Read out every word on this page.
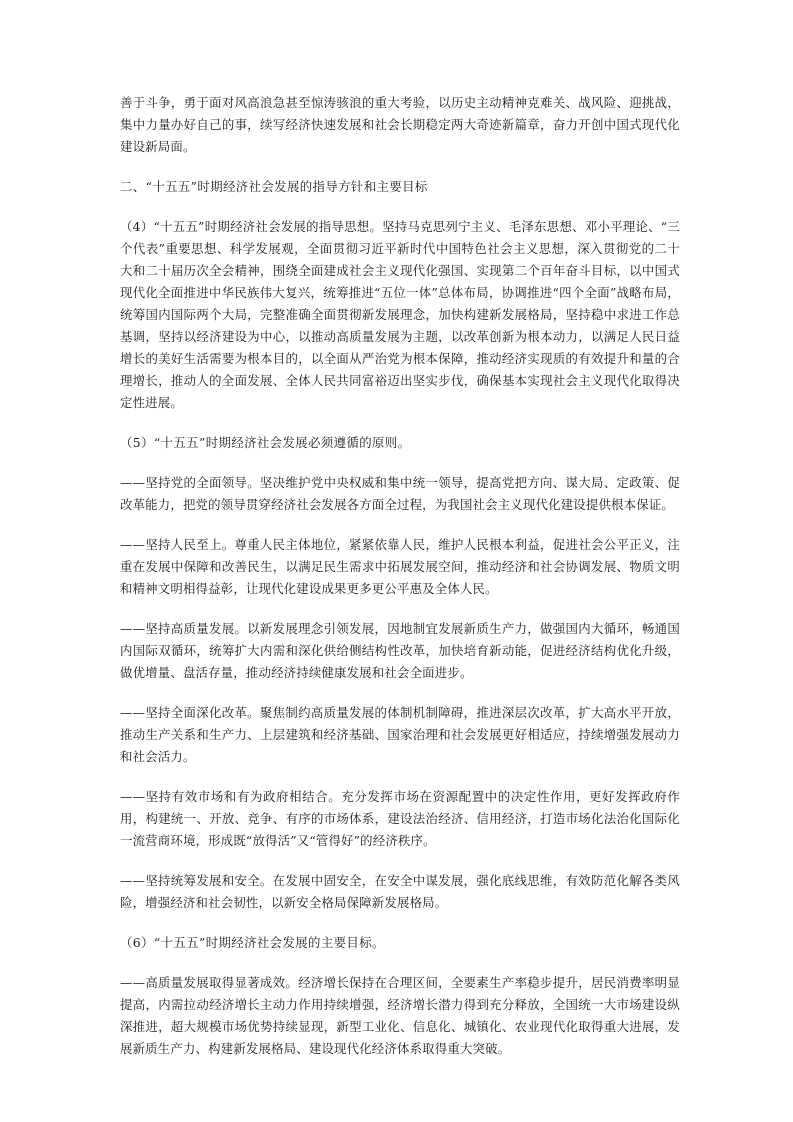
善于斗争，勇于面对风高浪急甚至惊涛骇浪的重大考验，以历史主动精神克难关、战风险、迎挑战，集中力量办好自己的事，续写经济快速发展和社会长期稳定两大奇迹新篇章，奋力开创中国式现代化建设新局面。

二、“十五五”时期经济社会发展的指导方针和主要目标

（4）“十五五”时期经济社会发展的指导思想。坚持马克思列宁主义、毛泽东思想、邓小平理论、“三个代表”重要思想、科学发展观，全面贯彻习近平新时代中国特色社会主义思想，深入贯彻党的二十大和二十届历次全会精神，围绕全面建成社会主义现代化强国、实现第二个百年奋斗目标，以中国式现代化全面推进中华民族伟大复兴，统筹推进“五位一体”总体布局，协调推进“四个全面”战略布局，统筹国内国际两个大局，完整准确全面贯彻新发展理念，加快构建新发展格局，坚持稳中求进工作总基调，坚持以经济建设为中心，以推动高质量发展为主题，以改革创新为根本动力，以满足人民日益增长的美好生活需要为根本目的，以全面从严治党为根本保障，推动经济实现质的有效提升和量的合理增长，推动人的全面发展、全体人民共同富裕迈出坚实步伐，确保基本实现社会主义现代化取得决定性进展。

（5）“十五五”时期经济社会发展必须遵循的原则。

——坚持党的全面领导。坚决维护党中央权威和集中统一领导，提高党把方向、谋大局、定政策、促改革能力，把党的领导贯穿经济社会发展各方面全过程，为我国社会主义现代化建设提供根本保证。

——坚持人民至上。尊重人民主体地位，紧紧依靠人民，维护人民根本利益，促进社会公平正义，注重在发展中保障和改善民生，以满足民生需求中拓展发展空间，推动经济和社会协调发展、物质文明和精神文明相得益彰，让现代化建设成果更多更公平惠及全体人民。

——坚持高质量发展。以新发展理念引领发展，因地制宜发展新质生产力，做强国内大循环，畅通国内国际双循环，统筹扩大内需和深化供给侧结构性改革，加快培育新动能，促进经济结构优化升级，做优增量、盘活存量，推动经济持续健康发展和社会全面进步。

——坚持全面深化改革。聚焦制约高质量发展的体制机制障碍，推进深层次改革，扩大高水平开放，推动生产关系和生产力、上层建筑和经济基础、国家治理和社会发展更好相适应，持续增强发展动力和社会活力。

——坚持有效市场和有为政府相结合。充分发挥市场在资源配置中的决定性作用，更好发挥政府作用，构建统一、开放、竞争、有序的市场体系，建设法治经济、信用经济，打造市场化法治化国际化一流营商环境，形成既“放得活”又“管得好”的经济秩序。

——坚持统筹发展和安全。在发展中固安全，在安全中谋发展，强化底线思维，有效防范化解各类风险，增强经济和社会韧性，以新安全格局保障新发展格局。

（6）“十五五”时期经济社会发展的主要目标。

——高质量发展取得显著成效。经济增长保持在合理区间，全要素生产率稳步提升，居民消费率明显提高，内需拉动经济增长主动力作用持续增强，经济增长潜力得到充分释放，全国统一大市场建设纵深推进，超大规模市场优势持续显现，新型工业化、信息化、城镇化、农业现代化取得重大进展，发展新质生产力、构建新发展格局、建设现代化经济体系取得重大突破。
